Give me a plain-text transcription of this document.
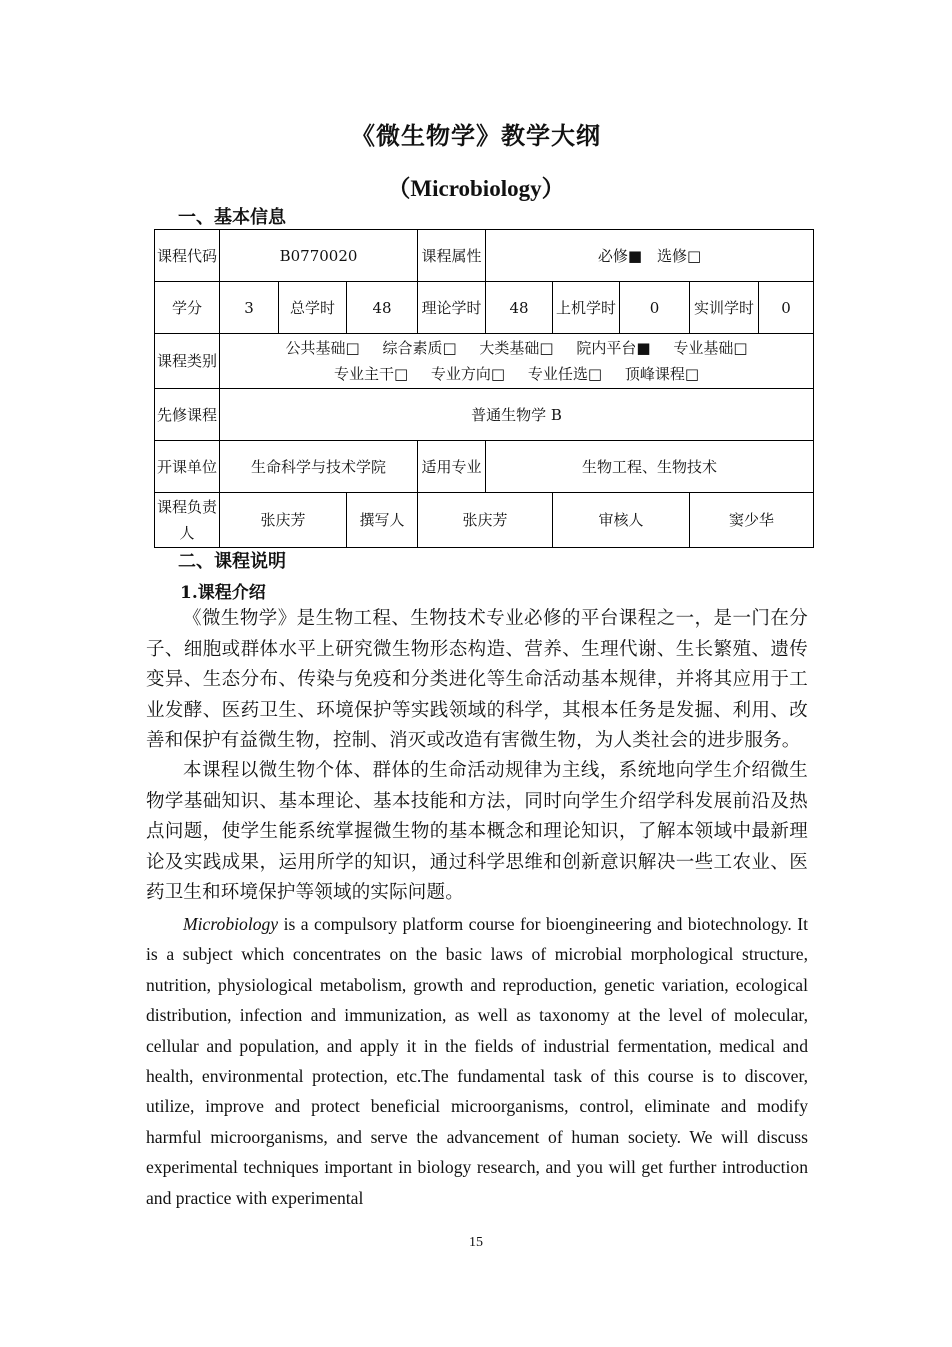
《微生物学》教学大纲
（Microbiology）
一、基本信息
课程代码	B0770020			课程属性	必修■　选修□				
学分	3	总学时	48	理论学时	48	上机学时	0	实训学时	0
课程类别	公共基础□ 综合素质□ 大类基础□ 院内平台■ 专业基础□
专业主干□ 专业方向□ 专业任选□ 顶峰课程□								

先修课程	普通生物学 B								
开课单位	生命科学与技术学院			适用专业	生物工程、生物技术				
课程负责人	张庆芳		撰写人	张庆芳		审核人		窦少华	
二、课程说明
1.课程介绍

《微生物学》是生物工程、生物技术专业必修的平台课程之一，是一门在分子、细胞或群体水平上研究微生物形态构造、营养、生理代谢、生长繁殖、遗传变异、生态分布、传染与免疫和分类进化等生命活动基本规律，并将其应用于工业发酵、医药卫生、环境保护等实践领域的科学，其根本任务是发掘、利用、改善和保护有益微生物，控制、消灭或改造有害微生物，为人类社会的进步服务。

本课程以微生物个体、群体的生命活动规律为主线，系统地向学生介绍微生物学基础知识、基本理论、基本技能和方法，同时向学生介绍学科发展前沿及热点问题，使学生能系统掌握微生物的基本概念和理论知识，了解本领域中最新理论及实践成果，运用所学的知识，通过科学思维和创新意识解决一些工农业、医药卫生和环境保护等领域的实际问题。

Microbiology is a compulsory platform course for bioengineering and biotechnology. It is a subject which concentrates on the basic laws of microbial morphological structure, nutrition, physiological metabolism, growth and reproduction, genetic variation, ecological distribution, infection and immunization, as well as taxonomy at the level of molecular, cellular and population, and apply it in the fields of industrial fermentation, medical and health, environmental protection, etc.The fundamental task of this course is to discover, utilize, improve and protect beneficial microorganisms, control, eliminate and modify harmful microorganisms, and serve the advancement of human society. We will discuss experimental techniques important in biology research, and you will get further introduction and practice with experimental

15
